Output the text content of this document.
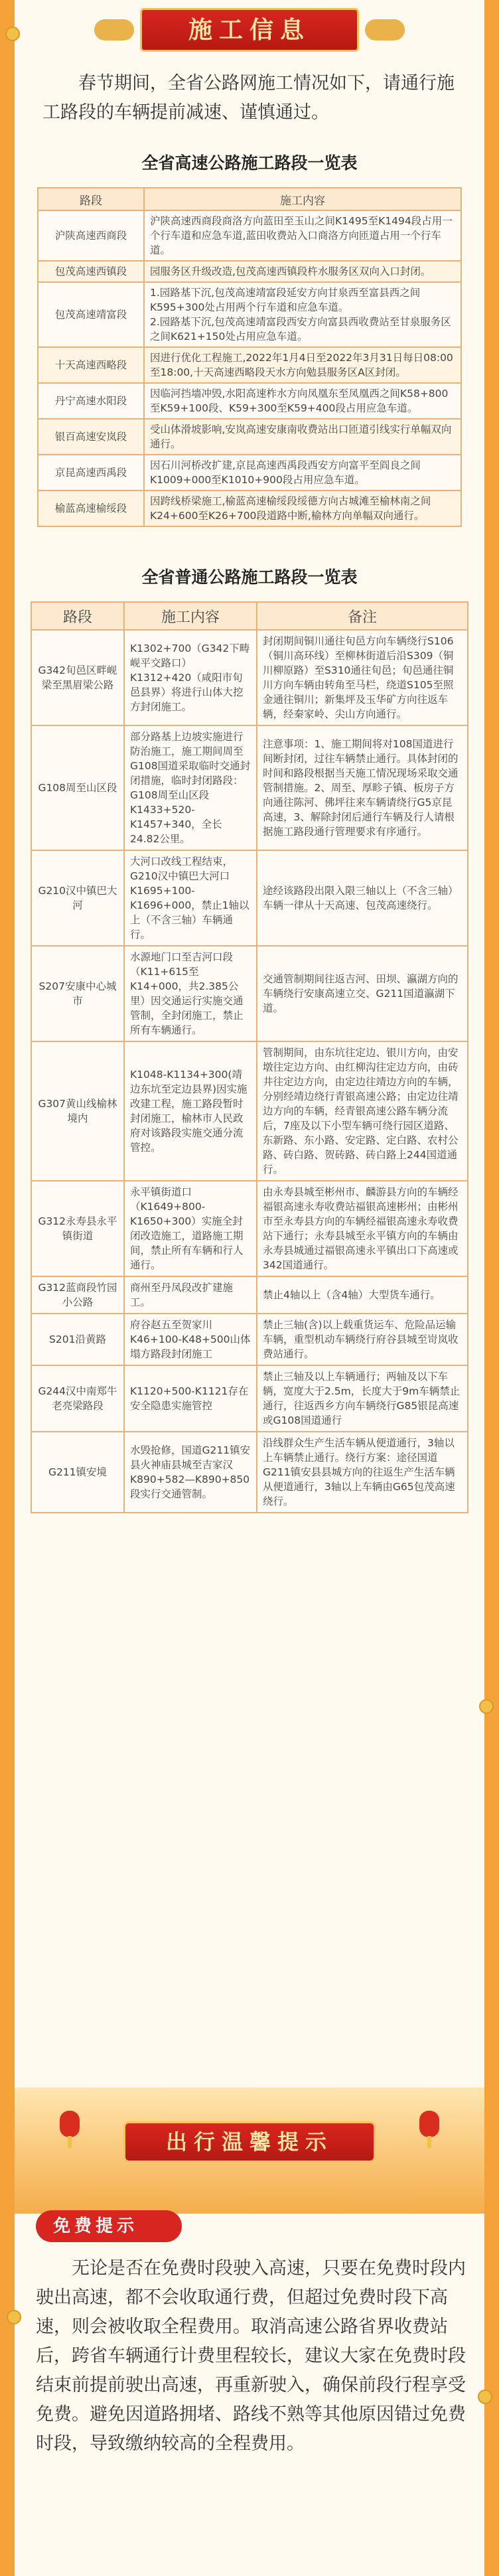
施工信息

春节期间，全省公路网施工情况如下，请通行施工路段的车辆提前减速、谨慎通过。

全省高速公路施工路段一览表
路段	施工内容
沪陕高速西商段	沪陕高速西商段商洛方向蓝田至玉山之间K1495至K1494段占用一个行车道和应急车道,蓝田收费站入口商洛方向匝道占用一个行车道。
包茂高速西镇段	园服务区升级改造,包茂高速西镇段杵水服务区双向入口封闭。
包茂高速靖富段	1.园路基下沉,包茂高速靖富段延安方向甘泉西至富县西之间K595+300处占用两个行车道和应急车道。
2.园路基下沉,包茂高速靖富段西安方向富县西收费站至甘泉服务区之间K621+150处占用应急车道。
十天高速西略段	因进行优化工程施工,2022年1月4日至2022年3月31日每日08:00至18:00,十天高速西略段天水方向勉县服务区A区封闭。
丹宁高速水阳段	因临河挡墙冲毁,水阳高速柞水方向凤凰东至凤凰西之间K58+800至K59+100段、K59+300至K59+400段占用应急车道。
银百高速安岚段	受山体滑坡影响,安岚高速安康南收费站出口匝道引线实行单幅双向通行。
京昆高速西禹段	因石川河桥改扩建,京昆高速西禹段西安方向富平至阎良之间K1009+000至K1010+900段占用应急车道。
榆蓝高速榆绥段	因跨线桥梁施工,榆蓝高速榆绥段绥德方向古城滩至榆林南之间K24+600至K26+700段道路中断,榆林方向单幅双向通行。
全省普通公路施工路段一览表
路段	施工内容	备注
G342旬邑区畔岘梁至黑眉梁公路	K1302+700（G342下畴岘平交路口）K1312+420（咸阳市旬邑县界）将进行山体大挖方封闭施工。	封闭期间铜川通往旬邑方向车辆绕行S106（铜川高环线）至柳林街道后沿S309（铜川柳原路）至S310通往旬邑；旬邑通往铜川方向车辆由转角至马栏，绕道S105至照金通往铜川；新集坪及玉华矿方向往返车辆，经秦家岭、尖山方向通行。
G108周至山区段	部分路基上边坡实施进行防治施工，施工期间周至G108国道采取临时交通封闭措施，临时封闭路段：G108周至山区段K1433+520-K1457+340，全长24.82公里。	注意事项：1、施工期间将对108国道进行间断封闭，过往车辆禁止通行。具体封闭的时间和路段根据当天施工情况现场采取交通管制措施。2、周至、厚畛子镇、板房子方向通往陈河、佛坪往来车辆请绕行G5京昆高速，3、解除封闭后通行车辆及行人请根据施工路段通行管理要求有序通行。
G210汉中镇巴大河	大河口改线工程结束，G210汉中镇巴大河口K1695+100-K1696+000，禁止1轴以上（不含三轴）车辆通行。	途经该路段出限入限三轴以上（不含三轴）车辆一律从十天高速、包茂高速绕行。
S207安康中心城市	水源地门口至吉河口段（K11+615至K14+000，共2.385公里）因交通运行实施交通管制，全封闭施工，禁止所有车辆通行。	交通管制期间往返吉河、田坝、瀛湖方向的车辆绕行安康高速立交、G211国道瀛湖下道。
G307黄山线榆林境内	K1048-K1134+300(靖边东坑至定边县界)因实施改建工程，施工路段暂时封闭施工，榆林市人民政府对该路段实施交通分流管控。	管制期间，由东坑往定边、银川方向，由安墩往定边方向、由红柳沟往定边方向，由砖井往定边方向，由定边往靖边方向的车辆，分别经靖边绕行青银高速公路；由定边往靖边方向的车辆，经青银高速公路车辆分流后，7座及以下小型车辆可绕行园区道路、东新路、东小路、安定路、定白路、农村公路、砖白路、贺砖路、砖白路上244国道通行。
G312永寿县永平镇街道	永平镇街道口（K1649+800-K1650+300）实施全封闭改造施工，道路施工期间，禁止所有车辆和行人通行。	由永寿县城至彬州市、麟游县方向的车辆经福银高速永寿收费站福银高速彬州；由彬州市至永寿县方向的车辆经福银高速永寿收费站下通行；永寿县城至永平镇方向的车辆由永寿县城通过福银高速永平镇出口下高速或342国道通行。
G312蓝商段竹园小公路	商州至丹凤段改扩建施工。	禁止4轴以上（含4轴）大型货车通行。
S201沿黄路	府谷赵五至贺家川K46+100-K48+500山体塌方路段封闭施工	禁止三轴(含)以上载重货运车、危险品运输车辆，重型机动车辆绕行府谷县城至岢岚收费站通行。
G244汉中南郑牛老亮梁路段	K1120+500-K1121存在安全隐患实施管控	禁止三轴及以上车辆通行；两轴及以下车辆，宽度大于2.5m，长度大于9m车辆禁止通行，往返西乡方向车辆绕行G85银昆高速或G108国道通行
G211镇安境	水毁抢修，国道G211镇安县火神庙县城至吉家汉K890+582—K890+850段实行交通管制。	沿线群众生产生活车辆从便道通行，3轴以上车辆禁止通行。绕行方案：途径国道G211镇安县县城方向的往返生产生活车辆从便道通行，3轴以上车辆由G65包茂高速绕行。
出行温馨提示
免费提示

无论是否在免费时段驶入高速，只要在免费时段内驶出高速，都不会收取通行费，但超过免费时段下高速，则会被收取全程费用。取消高速公路省界收费站后，跨省车辆通行计费里程较长，建议大家在免费时段结束前提前驶出高速，再重新驶入，确保前段行程享受免费。避免因道路拥堵、路线不熟等其他原因错过免费时段，导致缴纳较高的全程费用。
